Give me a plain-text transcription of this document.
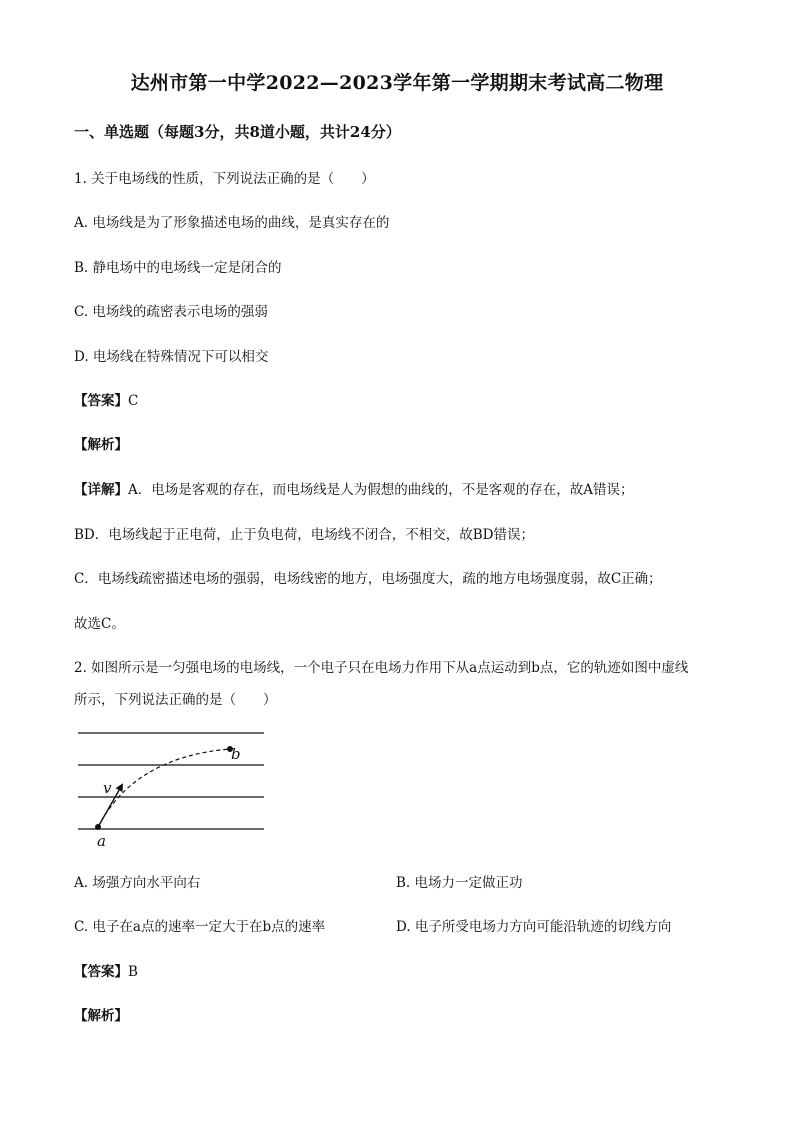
达州市第一中学2022—2023学年第一学期期末考试高二物理
一、单选题（每题3分，共8道小题，共计24分）
1. 关于电场线的性质，下列说法正确的是（　　）
A. 电场线是为了形象描述电场的曲线，是真实存在的
B. 静电场中的电场线一定是闭合的
C. 电场线的疏密表示电场的强弱
D. 电场线在特殊情况下可以相交
【答案】C
【解析】
【详解】A．电场是客观的存在，而电场线是人为假想的曲线的，不是客观的存在，故A错误；
BD．电场线起于正电荷，止于负电荷，电场线不闭合，不相交，故BD错误；
C．电场线疏密描述电场的强弱，电场线密的地方，电场强度大，疏的地方电场强度弱，故C正确；
故选C。
2. 如图所示是一匀强电场的电场线，一个电子只在电场力作用下从a点运动到b点，它的轨迹如图中虚线
所示，下列说法正确的是（　　）
a
b
v
A. 场强方向水平向右	B. 电场力一定做正功
C. 电子在a点的速率一定大于在b点的速率	D. 电子所受电场力方向可能沿轨迹的切线方向
【答案】B
【解析】
